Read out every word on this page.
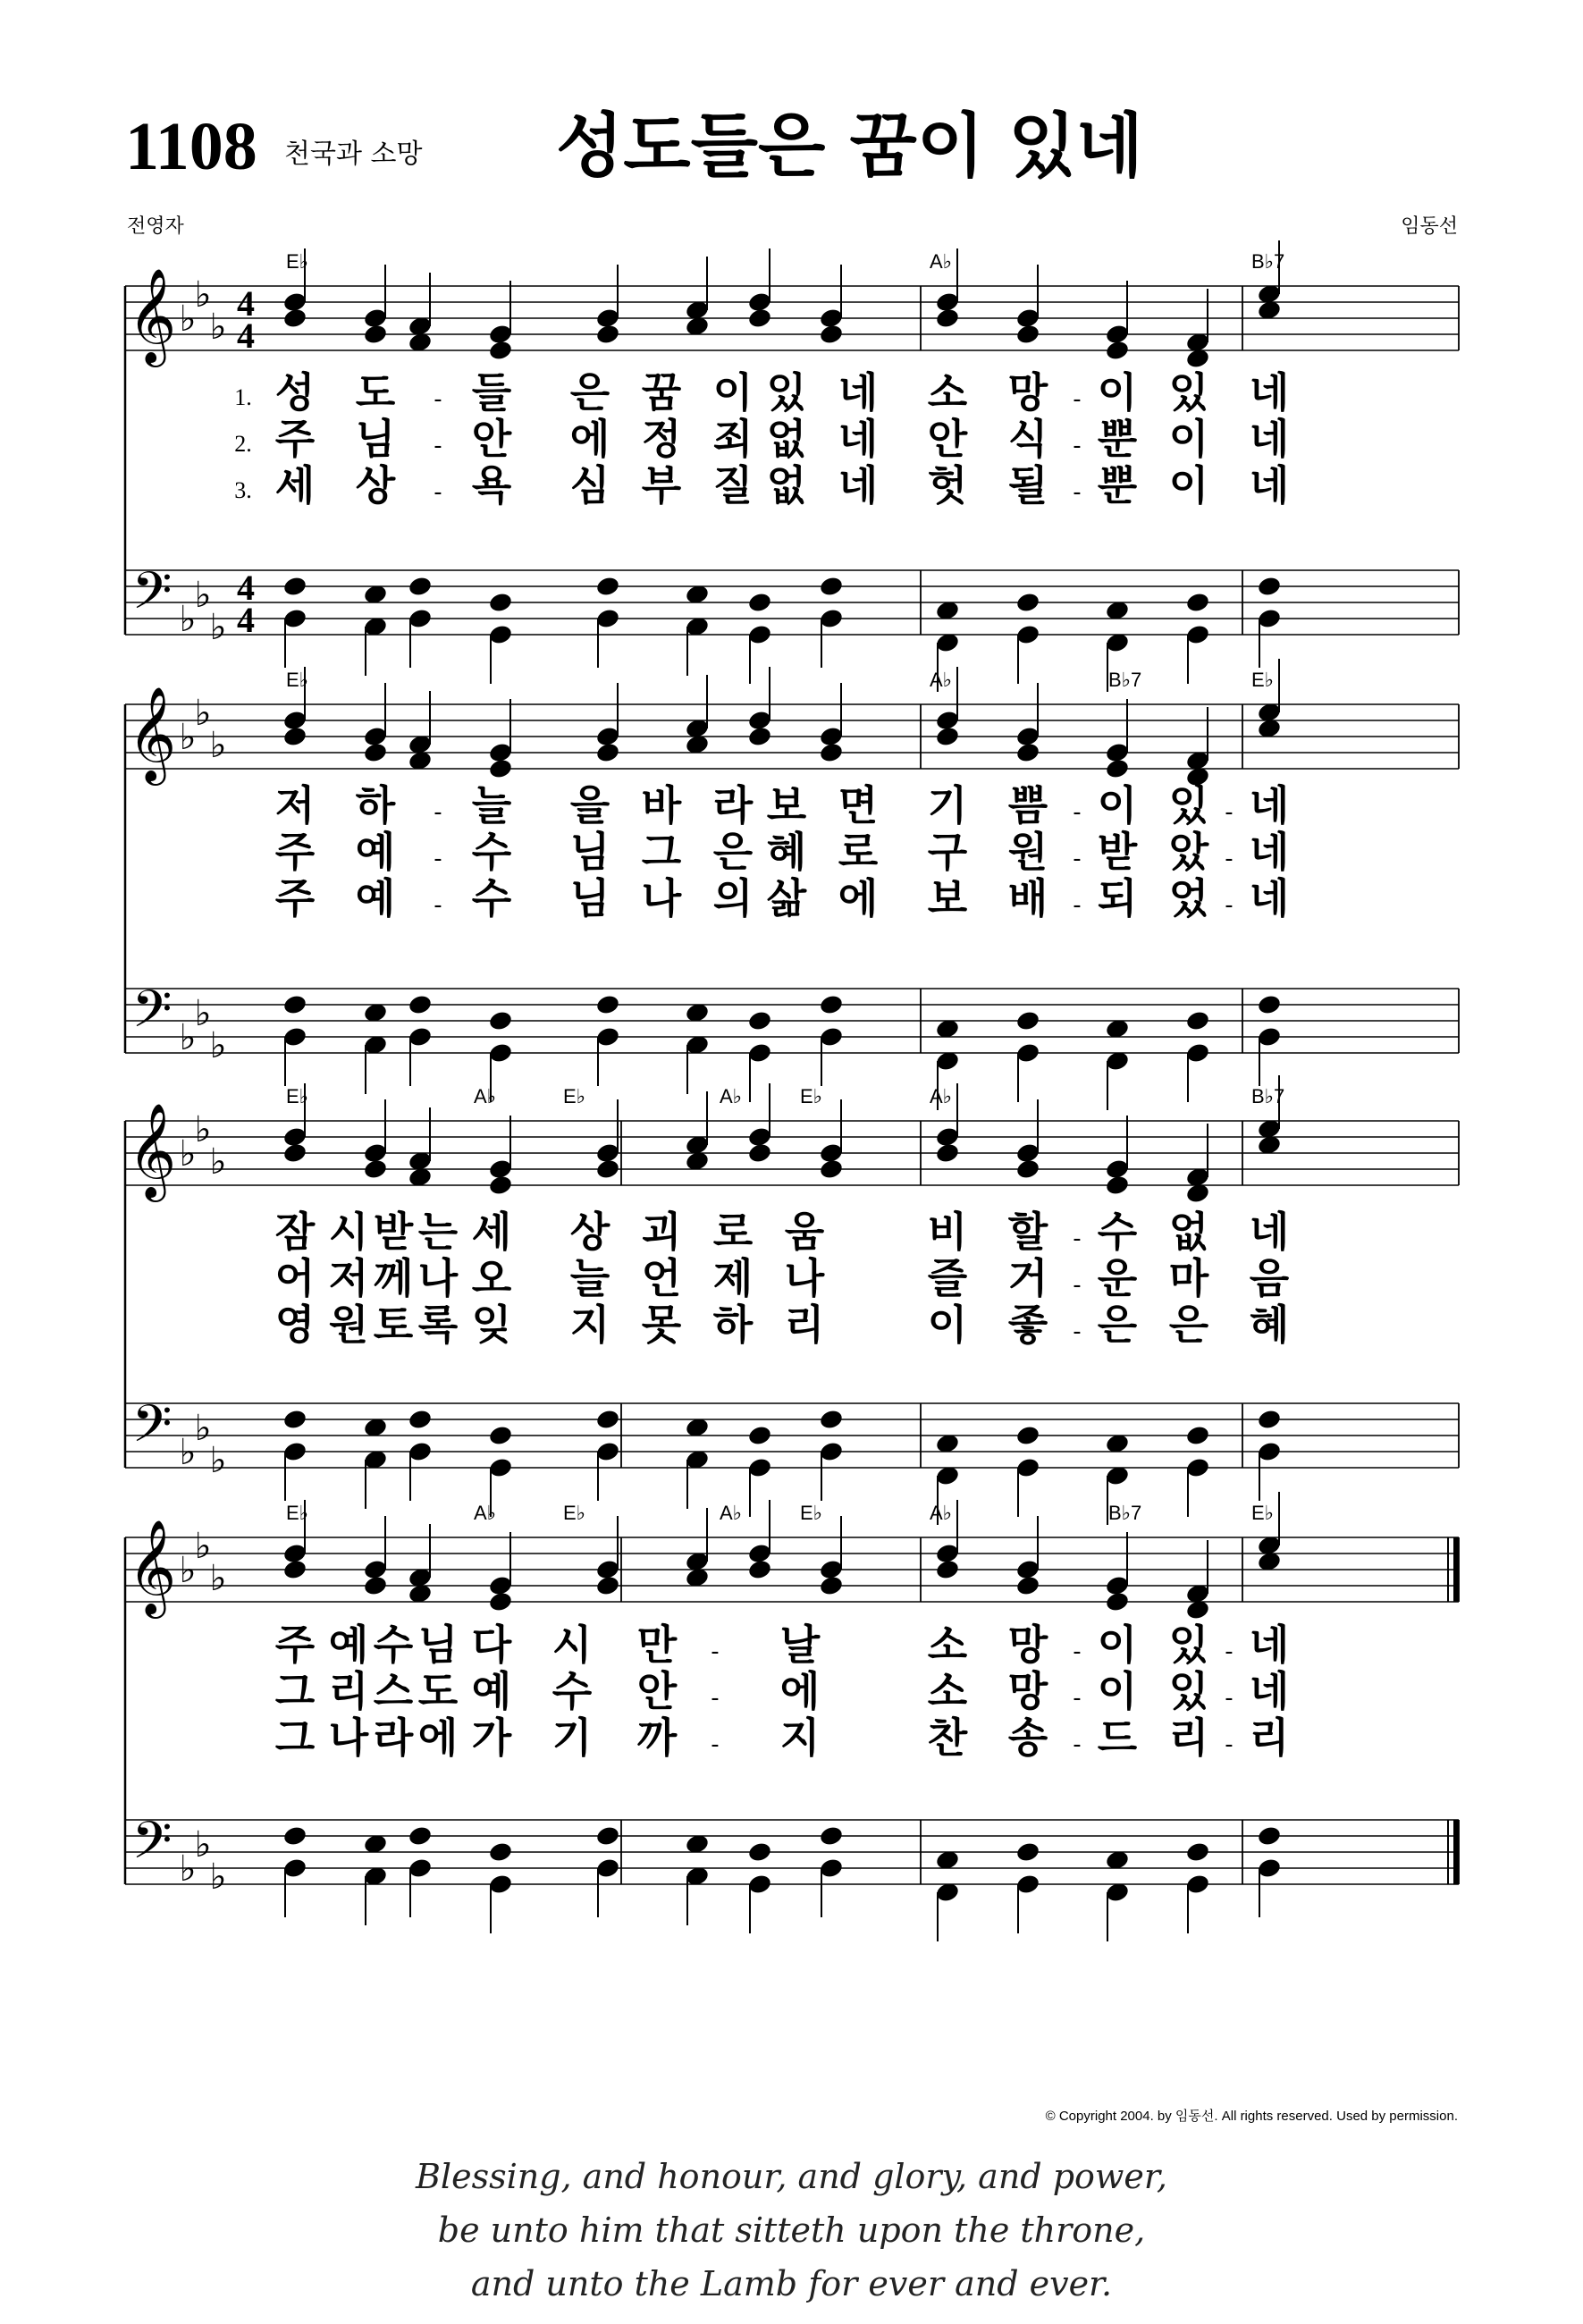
1108 천국과 소망	성도들은 꿈이 있네
전영자	임동선
𝄞
𝄢
♭
♭
♭
♭
♭
♭
4
4
4
4
E♭	A♭	B♭7
1. 성 도 - 들 은 꿈 이 있 네 소 망 - 이 있 네
2. 주 님 - 안 에 정 죄 없 네 안 식 - 뿐 이 네
3. 세 상 - 욕 심 부 질 없 네 헛 될 - 뿐 이 네
𝄞
𝄢
♭
♭
♭
♭
♭
♭
E♭	A♭	B♭7	E♭
저 하 - 늘 을 바 라 보 면 기 쁨 - 이 있 - 네
주 예 - 수 님 그 은 혜 로 구 원 - 받 았 - 네
주 예 - 수 님 나 의 삶 에 보 배 - 되 었 - 네
𝄞
𝄢
♭
♭
♭
♭
♭
♭
E♭	A♭	E♭	A♭	E♭	A♭	B♭7
잠 시 받 는 세 상 괴 로 움	비 할 - 수 없 네
어 저 께 나 오 늘 언 제 나	즐 거 - 운 마 음
영 원 토 록 잊 지 못 하 리	이 좋 - 은 은 혜
𝄞
𝄢
♭
♭
♭
♭
♭
♭
E♭	A♭	E♭	A♭	E♭	A♭	B♭7	E♭
주 예 수 님 다 시 만 - 날	소 망 - 이 있 - 네
그 리 스 도 예 수 안 - 에	소 망 - 이 있 - 네
그 나 라 에 가 기 까 - 지	찬 송 - 드 리 - 리
© Copyright 2004. by 임동선. All rights reserved. Used by permission.
Blessing, and honour, and glory, and power,
be unto him that sitteth upon the throne,
and unto the Lamb for ever and ever.
